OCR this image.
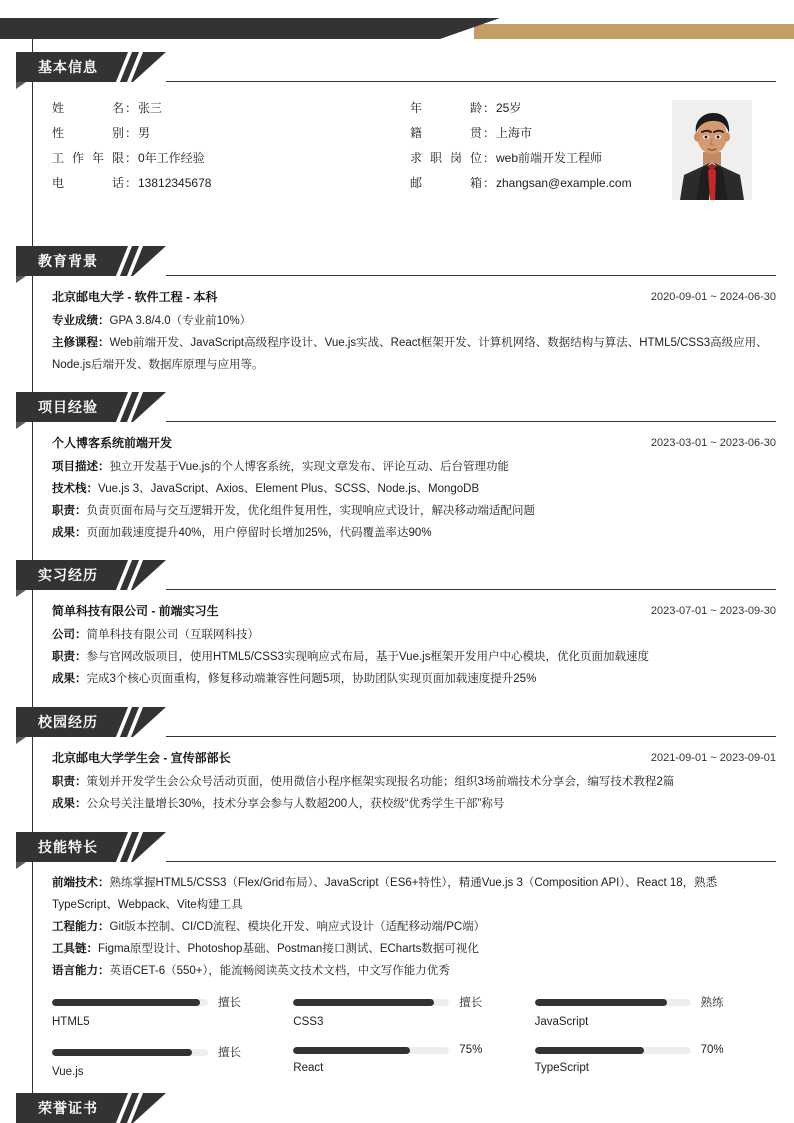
基本信息
姓名 ： 张三
性别 ： 男
工作年限 ： 0年工作经验
电话 ： 13812345678
年龄 ： 25岁
籍贯 ： 上海市
求职岗位 ： web前端开发工程师
邮箱 ： zhangsan@example.com
教育背景
北京邮电大学 - 软件工程 - 本科	2020-09-01 ~ 2024-06-30
专业成绩：GPA 3.8/4.0（专业前10%）
主修课程：Web前端开发、JavaScript高级程序设计、Vue.js实战、React框架开发、计算机网络、数据结构与算法、HTML5/CSS3高级应用、Node.js后端开发、数据库原理与应用等。
项目经验
个人博客系统前端开发	2023-03-01 ~ 2023-06-30
项目描述：独立开发基于Vue.js的个人博客系统，实现文章发布、评论互动、后台管理功能
技术栈：Vue.js 3、JavaScript、Axios、Element Plus、SCSS、Node.js、MongoDB
职责：负责页面布局与交互逻辑开发，优化组件复用性，实现响应式设计，解决移动端适配问题
成果：页面加载速度提升40%，用户停留时长增加25%，代码覆盖率达90%
实习经历
简单科技有限公司 - 前端实习生	2023-07-01 ~ 2023-09-30
公司：简单科技有限公司（互联网科技）
职责：参与官网改版项目，使用HTML5/CSS3实现响应式布局，基于Vue.js框架开发用户中心模块，优化页面加载速度
成果：完成3个核心页面重构，修复移动端兼容性问题5项，协助团队实现页面加载速度提升25%
校园经历
北京邮电大学学生会 - 宣传部部长	2021-09-01 ~ 2023-09-01
职责：策划并开发学生会公众号活动页面，使用微信小程序框架实现报名功能；组织3场前端技术分享会，编写技术教程2篇
成果：公众号关注量增长30%，技术分享会参与人数超200人，获校级“优秀学生干部”称号
技能特长
前端技术：熟练掌握HTML5/CSS3（Flex/Grid布局）、JavaScript（ES6+特性），精通Vue.js 3（Composition API）、React 18，熟悉TypeScript、Webpack、Vite构建工具
工程能力：Git版本控制、CI/CD流程、模块化开发、响应式设计（适配移动端/PC端）
工具链：Figma原型设计、Photoshop基础、Postman接口测试、ECharts数据可视化
语言能力：英语CET-6（550+），能流畅阅读英文技术文档，中文写作能力优秀
擅长
HTML5
擅长
CSS3
熟练
JavaScript
擅长
Vue.js
75%
React
70%
TypeScript
荣誉证书
